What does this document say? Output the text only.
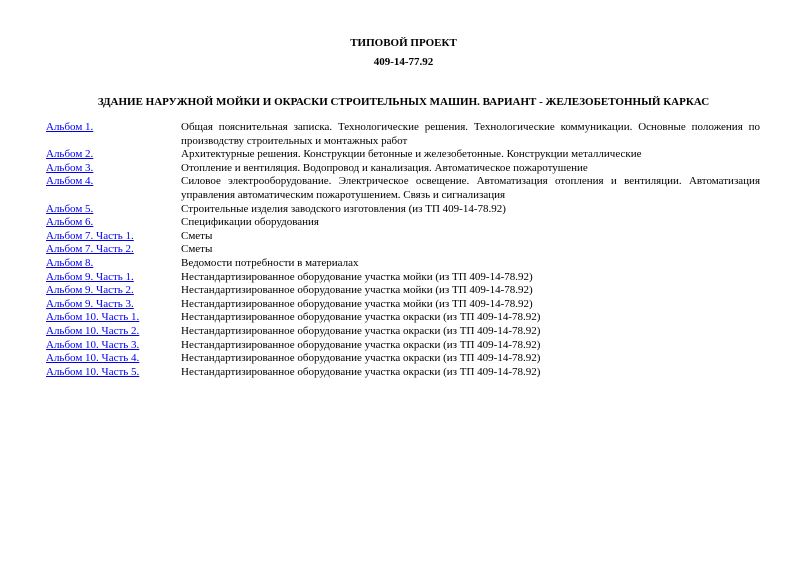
ТИПОВОЙ ПРОЕКТ
409-14-77.92
ЗДАНИЕ НАРУЖНОЙ МОЙКИ И ОКРАСКИ СТРОИТЕЛЬНЫХ МАШИН. ВАРИАНТ - ЖЕЛЕЗОБЕТОННЫЙ КАРКАС
Альбом 1.	Общая пояснительная записка. Технологические решения. Технологические коммуникации. Основные положения по производству строительных и монтажных работ
Альбом 2.	Архитектурные решения. Конструкции бетонные и железобетонные. Конструкции металлические
Альбом 3.	Отопление и вентиляция. Водопровод и канализация. Автоматическое пожаротушение
Альбом 4.	Силовое электрооборудование. Электрическое освещение. Автоматизация отопления и вентиляции. Автоматизация управления автоматическим пожаротушением. Связь и сигнализация
Альбом 5.	Строительные изделия заводского изготовления (из ТП 409-14-78.92)
Альбом 6.	Спецификации оборудования
Альбом 7. Часть 1.	Сметы
Альбом 7. Часть 2.	Сметы
Альбом 8.	Ведомости потребности в материалах
Альбом 9. Часть 1.	Нестандартизированное оборудование участка мойки (из ТП 409-14-78.92)
Альбом 9. Часть 2.	Нестандартизированное оборудование участка мойки (из ТП 409-14-78.92)
Альбом 9. Часть 3.	Нестандартизированное оборудование участка мойки (из ТП 409-14-78.92)
Альбом 10. Часть 1.	Нестандартизированное оборудование участка окраски (из ТП 409-14-78.92)
Альбом 10. Часть 2.	Нестандартизированное оборудование участка окраски (из ТП 409-14-78.92)
Альбом 10. Часть 3.	Нестандартизированное оборудование участка окраски (из ТП 409-14-78.92)
Альбом 10. Часть 4.	Нестандартизированное оборудование участка окраски (из ТП 409-14-78.92)
Альбом 10. Часть 5.	Нестандартизированное оборудование участка окраски (из ТП 409-14-78.92)
